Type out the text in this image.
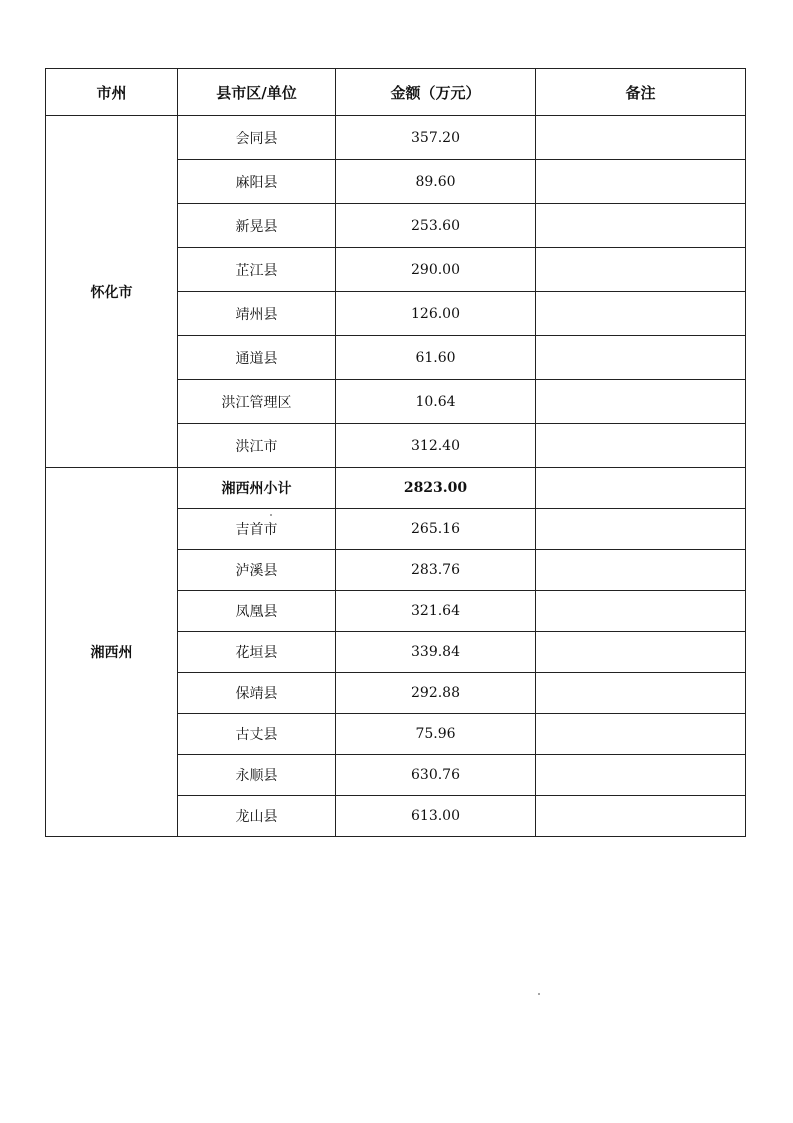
市州	县市区/单位	金额（万元）	备注
怀化市	会同县	357.20	
	麻阳县	89.60	
	新晃县	253.60	
	芷江县	290.00	
	靖州县	126.00	
	通道县	61.60	
	洪江管理区	10.64	
	洪江市	312.40	
湘西州	湘西州小计	2823.00	
	吉首市	265.16	
	泸溪县	283.76	
	凤凰县	321.64	
	花垣县	339.84	
	保靖县	292.88	
	古丈县	75.96	
	永顺县	630.76	
	龙山县	613.00	
